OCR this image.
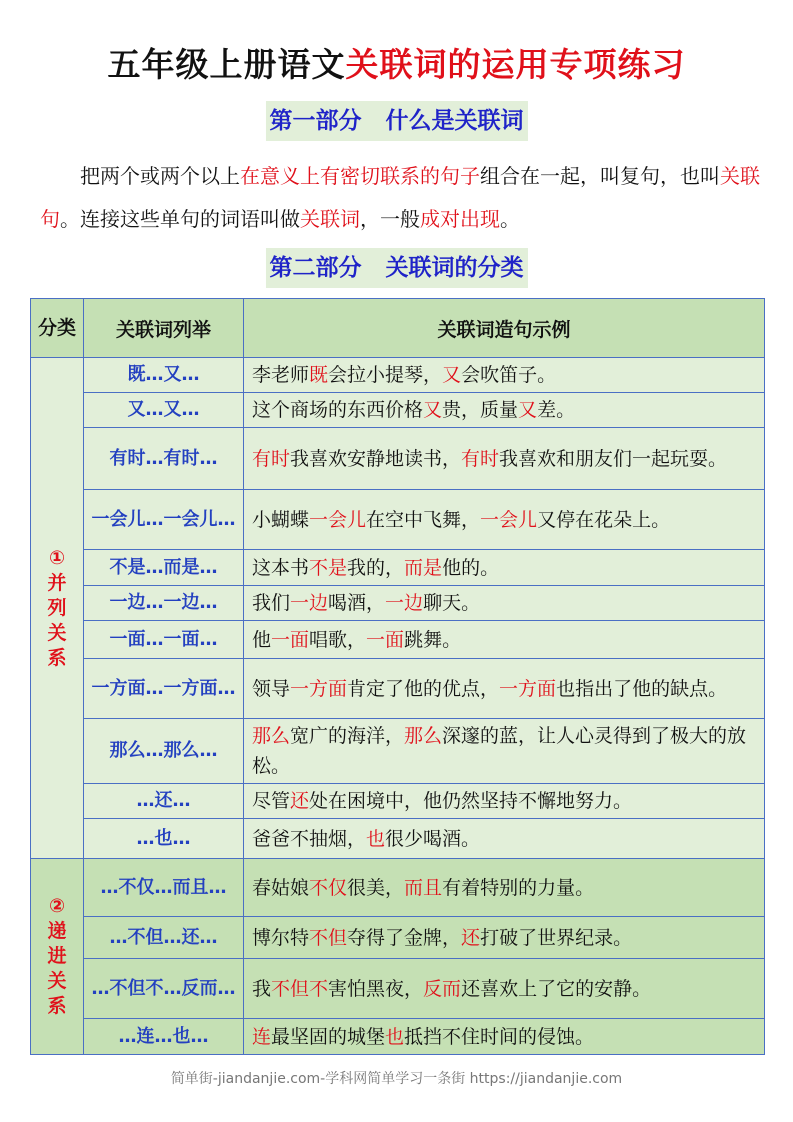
五年级上册语文关联词的运用专项练习
第一部分   什么是关联词
把两个或两个以上在意义上有密切联系的句子组合在一起，叫复句，也叫关联句。连接这些单句的词语叫做关联词，一般成对出现。
第二部分   关联词的分类
分类	关联词列举	关联词造句示例

①
并
列
关
系	既…又…	李老师既会拉小提琴，又会吹笛子。
	又…又…	这个商场的东西价格又贵，质量又差。
	有时…有时…	有时我喜欢安静地读书，有时我喜欢和朋友们一起玩耍。
	一会儿…一会儿…	小蝴蝶一会儿在空中飞舞，一会儿又停在花朵上。
	不是…而是…	这本书不是我的，而是他的。
	一边…一边…	我们一边喝酒，一边聊天。
	一面…一面…	他一面唱歌，一面跳舞。
	一方面…一方面…	领导一方面肯定了他的优点，一方面也指出了他的缺点。
	那么…那么…	那么宽广的海洋，那么深邃的蓝，让人心灵得到了极大的放松。
	…还…	尽管还处在困境中，他仍然坚持不懈地努力。
	…也…	爸爸不抽烟，也很少喝酒。

②
递
进
关
系	…不仅…而且…	春姑娘不仅很美，而且有着特别的力量。
	…不但…还…	博尔特不但夺得了金牌，还打破了世界纪录。
	…不但不…反而…	我不但不害怕黑夜，反而还喜欢上了它的安静。
	…连…也…	连最坚固的城堡也抵挡不住时间的侵蚀。
简单街-jiandanjie.com-学科网简单学习一条街 https://jiandanjie.com
